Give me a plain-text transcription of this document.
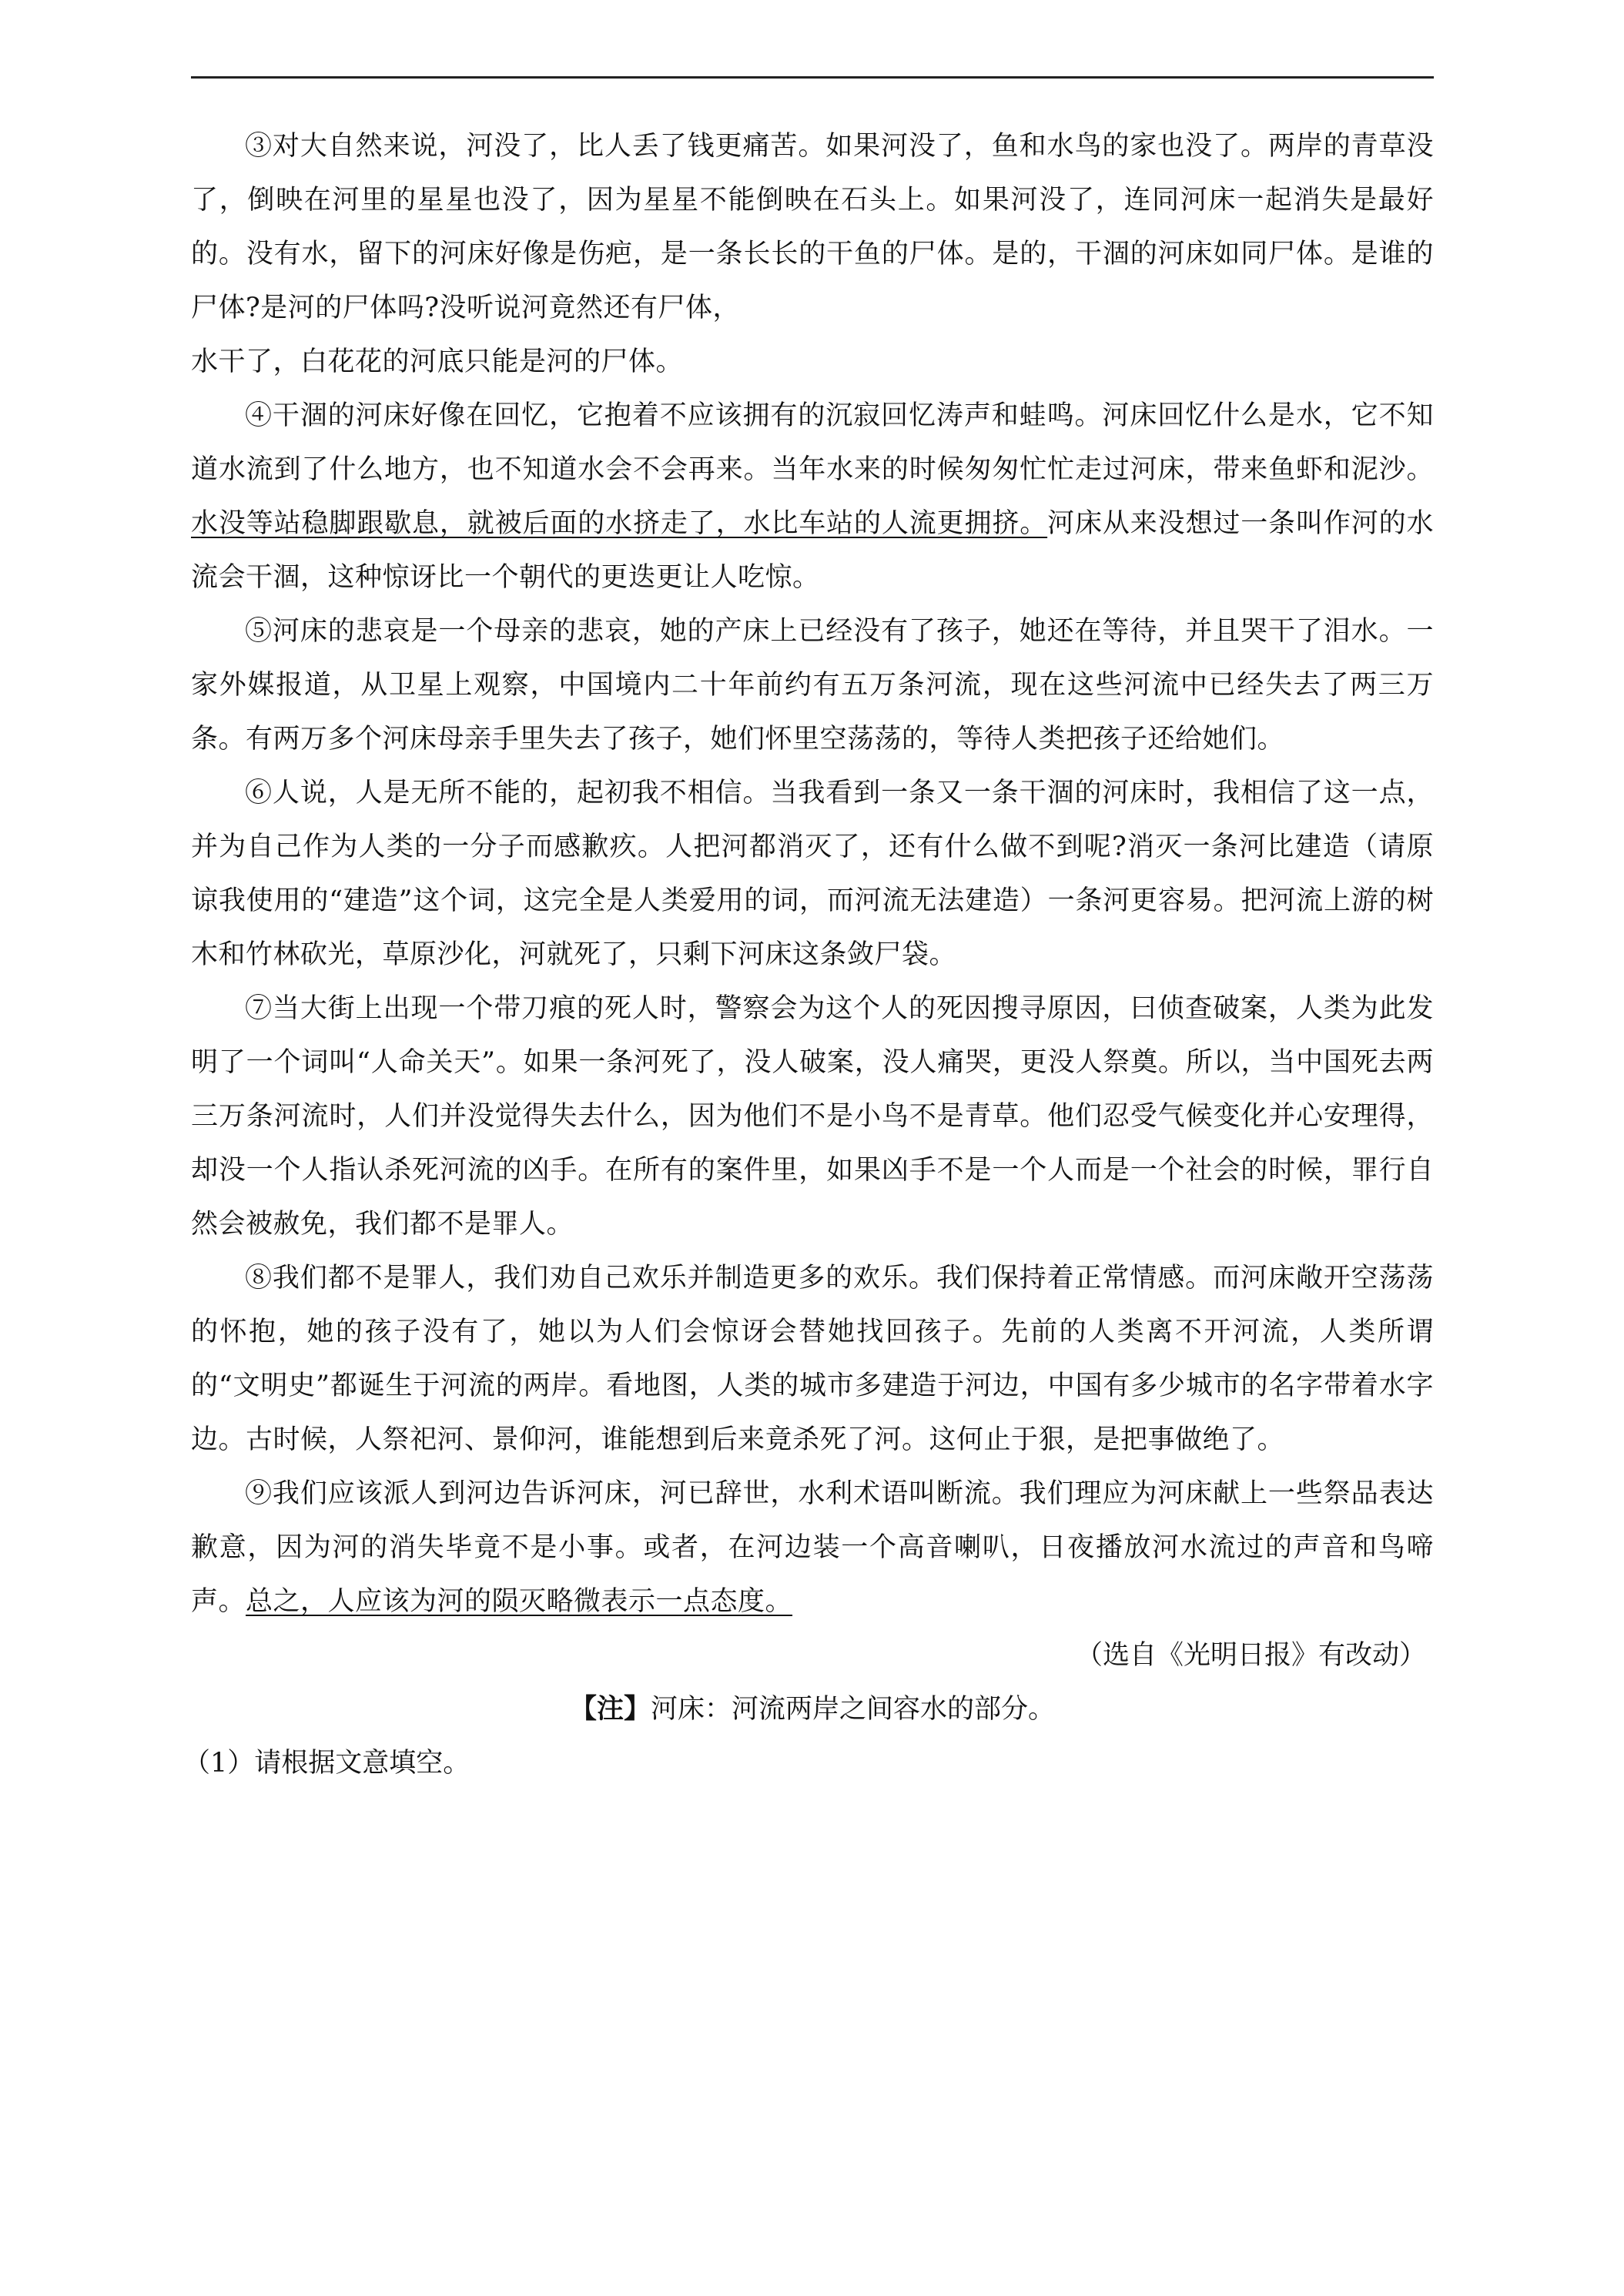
③对大自然来说，河没了，比人丢了钱更痛苦。如果河没了，鱼和水鸟的家也没了。两岸的青草没了，倒映在河里的星星也没了，因为星星不能倒映在石头上。如果河没了，连同河床一起消失是最好的。没有水，留下的河床好像是伤疤，是一条长长的干鱼的尸体。是的，干涸的河床如同尸体。是谁的尸体?是河的尸体吗?没听说河竟然还有尸体，

水干了，白花花的河底只能是河的尸体。

④干涸的河床好像在回忆，它抱着不应该拥有的沉寂回忆涛声和蛙鸣。河床回忆什么是水，它不知道水流到了什么地方，也不知道水会不会再来。当年水来的时候匆匆忙忙走过河床，带来鱼虾和泥沙。水没等站稳脚跟歇息，就被后面的水挤走了，水比车站的人流更拥挤。河床从来没想过一条叫作河的水流会干涸，这种惊讶比一个朝代的更迭更让人吃惊。

⑤河床的悲哀是一个母亲的悲哀，她的产床上已经没有了孩子，她还在等待，并且哭干了泪水。一家外媒报道，从卫星上观察，中国境内二十年前约有五万条河流，现在这些河流中已经失去了两三万条。有两万多个河床母亲手里失去了孩子，她们怀里空荡荡的，等待人类把孩子还给她们。

⑥人说，人是无所不能的，起初我不相信。当我看到一条又一条干涸的河床时，我相信了这一点，并为自己作为人类的一分子而感歉疚。人把河都消灭了，还有什么做不到呢?消灭一条河比建造（请原谅我使用的“建造”这个词，这完全是人类爱用的词，而河流无法建造）一条河更容易。把河流上游的树木和竹林砍光，草原沙化，河就死了，只剩下河床这条敛尸袋。

⑦当大街上出现一个带刀痕的死人时，警察会为这个人的死因搜寻原因，曰侦查破案，人类为此发明了一个词叫“人命关天”。如果一条河死了，没人破案，没人痛哭，更没人祭奠。所以，当中国死去两三万条河流时，人们并没觉得失去什么，因为他们不是小鸟不是青草。他们忍受气候变化并心安理得，却没一个人指认杀死河流的凶手。在所有的案件里，如果凶手不是一个人而是一个社会的时候，罪行自然会被赦免，我们都不是罪人。

⑧我们都不是罪人，我们劝自己欢乐并制造更多的欢乐。我们保持着正常情感。而河床敞开空荡荡的怀抱，她的孩子没有了，她以为人们会惊讶会替她找回孩子。先前的人类离不开河流，人类所谓的“文明史”都诞生于河流的两岸。看地图，人类的城市多建造于河边，中国有多少城市的名字带着水字边。古时候，人祭祀河、景仰河，谁能想到后来竟杀死了河。这何止于狠，是把事做绝了。

⑨我们应该派人到河边告诉河床，河已辞世，水利术语叫断流。我们理应为河床献上一些祭品表达歉意，因为河的消失毕竟不是小事。或者，在河边装一个高音喇叭，日夜播放河水流过的声音和鸟啼声。总之，人应该为河的陨灭略微表示一点态度。

（选自《光明日报》有改动）

【注】河床：河流两岸之间容水的部分。

（1）请根据文意填空。
